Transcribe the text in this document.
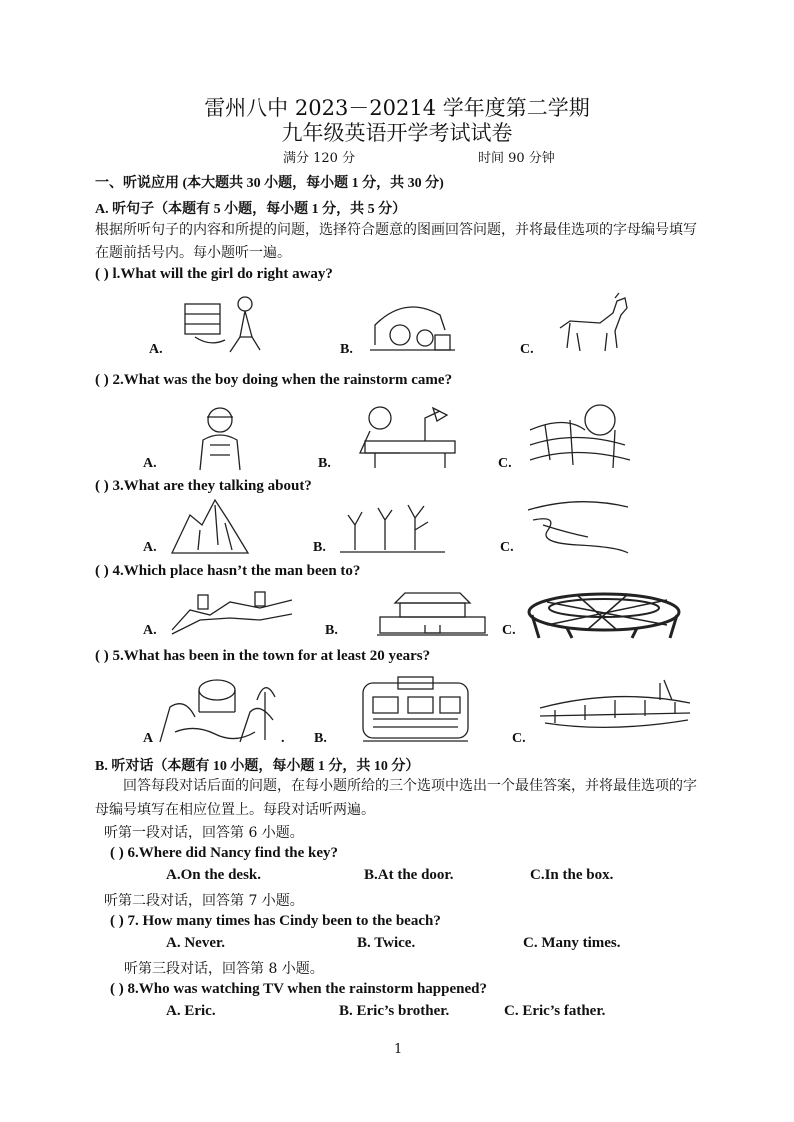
雷州八中 2023－20214 学年度第二学期
九年级英语开学考试试卷
满分 120 分	时间 90 分钟
一、听说应用 (本大题共 30 小题，每小题 1 分，共 30 分)
A. 听句子（本题有 5 小题，每小题 1 分，共 5 分）
根据所听句子的内容和所提的问题，选择符合题意的图画回答问题，并将最佳选项的字母编号填写在题前括号内。每小题听一遍。
( ) l.What will the girl do right away?
A.	B.	C.
( ) 2.What was the boy doing when the rainstorm came?
A.	B.	C.
( ) 3.What are they talking about?
A.	B.	C.
( ) 4.Which place hasn’t the man been to?
A.	B.	C.
( ) 5.What has been in the town for at least 20 years?
A	. B.	C.
B. 听对话（本题有 10 小题，每小题 1 分，共 10 分）
回答每段对话后面的问题，在每小题所给的三个选项中选出一个最佳答案，并将最佳选项的字母编号填写在相应位置上。每段对话听两遍。
听第一段对话，回答第 6 小题。
( ) 6.Where did Nancy find the key?
A.On the desk.	B.At the door.	C.In the box.
听第二段对话，回答第 7 小题。
( ) 7. How many times has Cindy been to the beach?
A. Never.	B. Twice.	C. Many times.
听第三段对话，回答第 8 小题。
( ) 8.Who was watching TV when the rainstorm happened?
A. Eric.	B. Eric’s brother.	C. Eric’s father.
1
